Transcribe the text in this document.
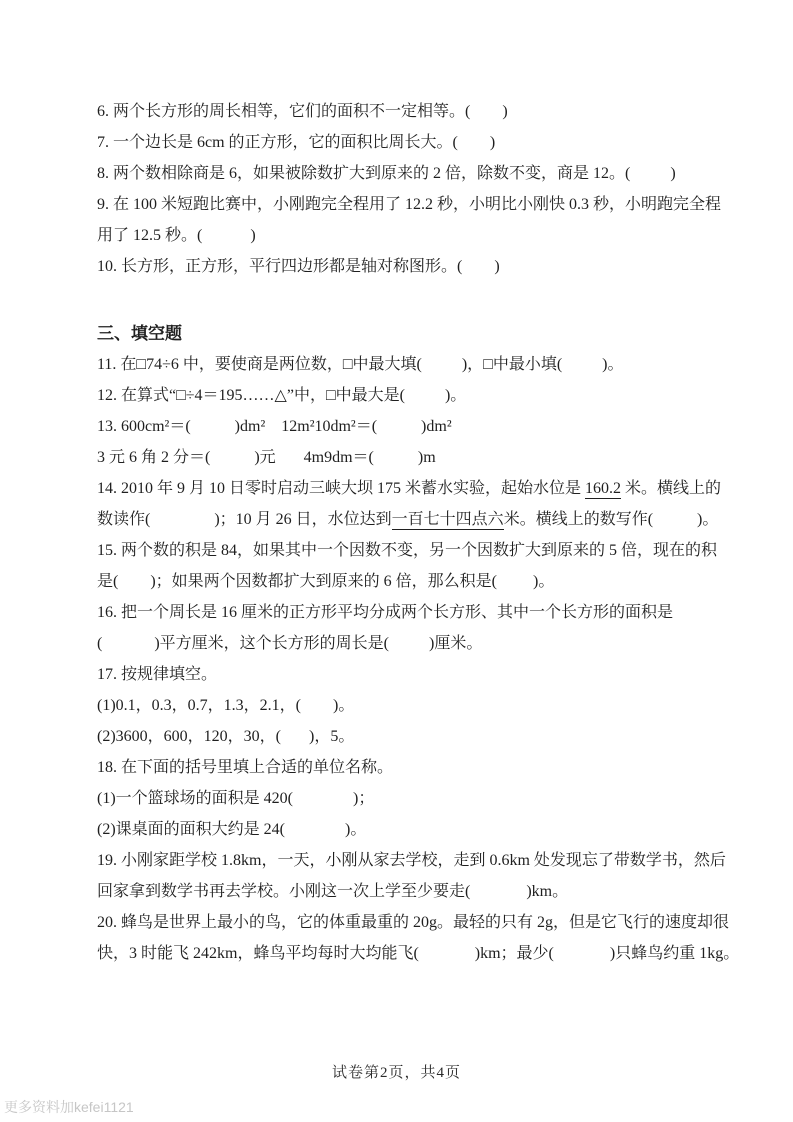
6. 两个长方形的周长相等，它们的面积不一定相等。(        )
7. 一个边长是 6cm 的正方形，它的面积比周长大。(        )
8. 两个数相除商是 6，如果被除数扩大到原来的 2 倍，除数不变，商是 12。(          )
9. 在 100 米短跑比赛中，小刚跑完全程用了 12.2 秒，小明比小刚快 0.3 秒，小明跑完全程
用了 12.5 秒。(            )
10. 长方形，正方形，平行四边形都是轴对称图形。(        )
三、填空题
11. 在□74÷6 中，要使商是两位数，□中最大填(          )，□中最小填(          )。
12. 在算式“□÷4＝195……△”中，□中最大是(          )。
13. 600cm²＝(           )dm²    12m²10dm²＝(           )dm²
3 元 6 角 2 分＝(           )元       4m9dm＝(           )m
14. 2010 年 9 月 10 日零时启动三峡大坝 175 米蓄水实验，起始水位是 160.2 米。横线上的
数读作(                )；10 月 26 日，水位达到一百七十四点六米。横线上的数写作(           )。
15. 两个数的积是 84，如果其中一个因数不变，另一个因数扩大到原来的 5 倍，现在的积
是(        )；如果两个因数都扩大到原来的 6 倍，那么积是(         )。
16. 把一个周长是 16 厘米的正方形平均分成两个长方形、其中一个长方形的面积是
(             )平方厘米，这个长方形的周长是(          )厘米。
17. 按规律填空。
(1)0.1，0.3，0.7，1.3，2.1，(        )。
(2)3600，600，120，30，(       )，5。
18. 在下面的括号里填上合适的单位名称。
(1)一个篮球场的面积是 420(               )；
(2)课桌面的面积大约是 24(               )。
19. 小刚家距学校 1.8km，一天，小刚从家去学校，走到 0.6km 处发现忘了带数学书，然后
回家拿到数学书再去学校。小刚这一次上学至少要走(              )km。
20. 蜂鸟是世界上最小的鸟，它的体重最重的 20g。最轻的只有 2g，但是它飞行的速度却很
快，3 时能飞 242km，蜂鸟平均每时大均能飞(              )km；最少(              )只蜂鸟约重 1kg。
试卷第2页，共4页
更多资料加kefei1121
